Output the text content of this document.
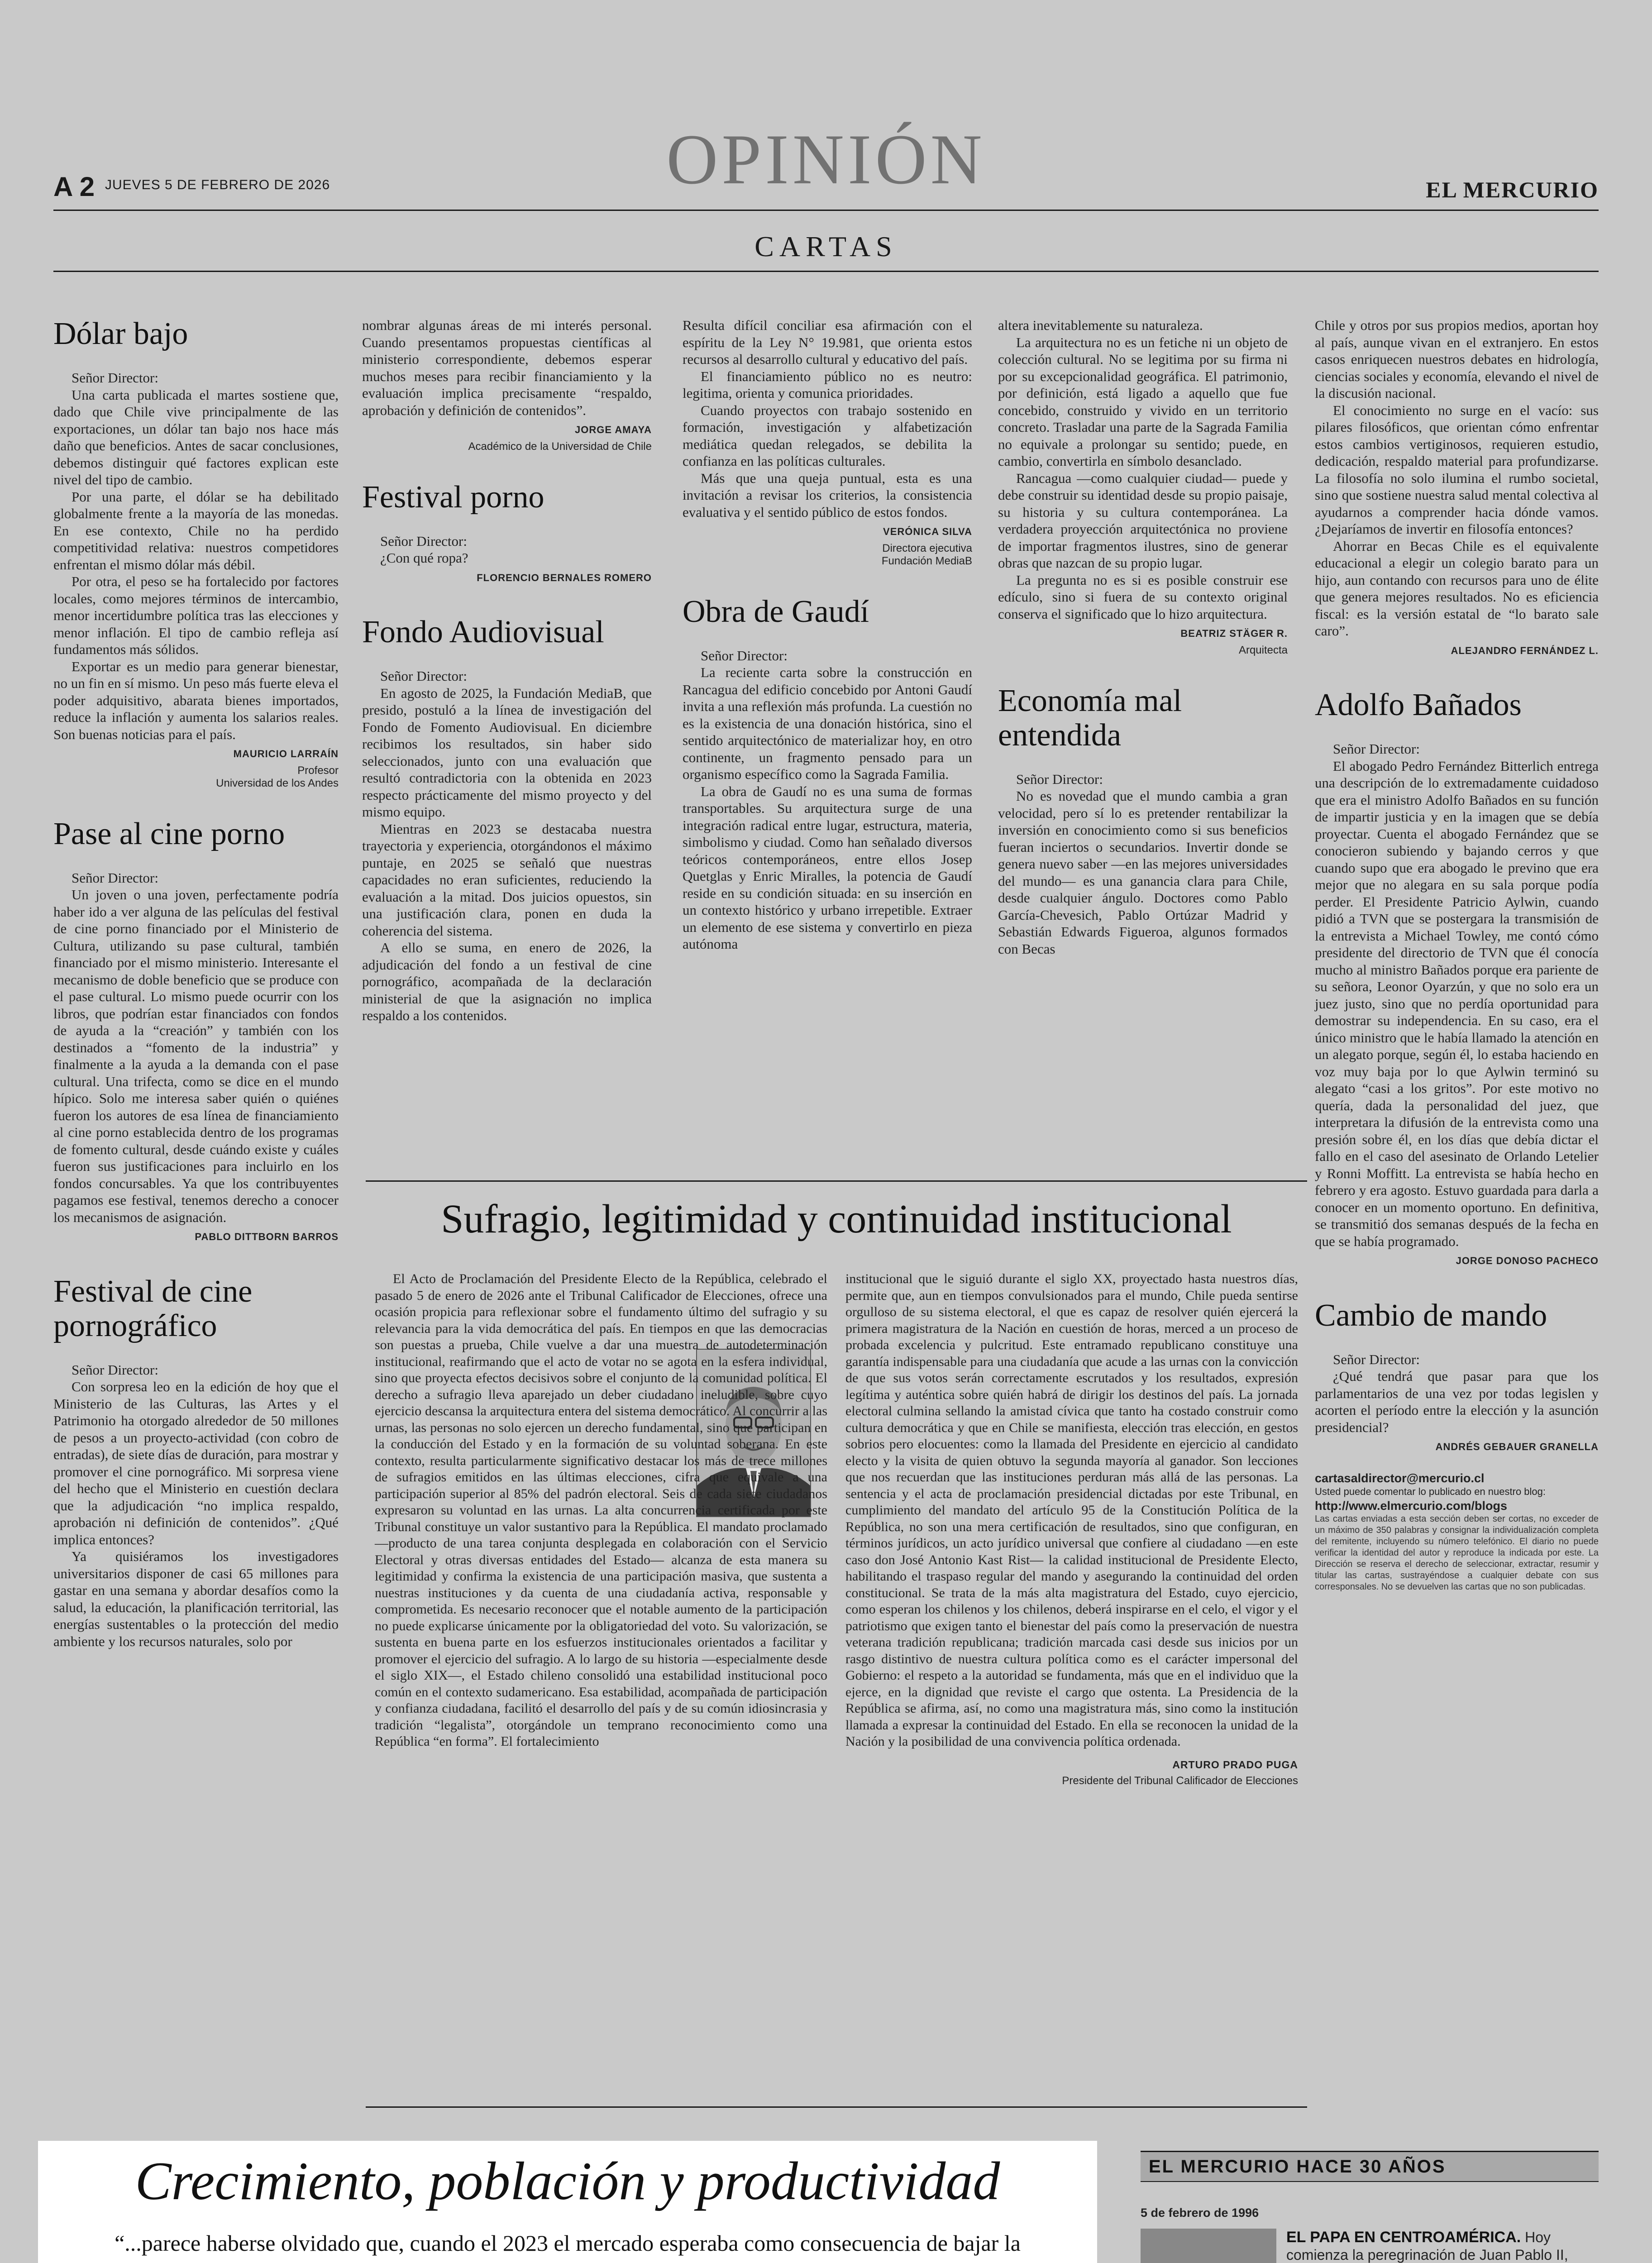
A 2 JUEVES 5 DE FEBRERO DE 2026	OPINIÓN	EL MERCURIO
CARTAS
Dólar bajo

Señor Director:

Una carta publicada el martes sostiene que, dado que Chile vive principalmente de las exportaciones, un dólar tan bajo nos hace más daño que beneficios. Antes de sacar conclusiones, debemos distinguir qué factores explican este nivel del tipo de cambio.

Por una parte, el dólar se ha debilitado globalmente frente a la mayoría de las monedas. En ese contexto, Chile no ha perdido competitividad relativa: nuestros competidores enfrentan el mismo dólar más débil.

Por otra, el peso se ha fortalecido por factores locales, como mejores términos de intercambio, menor incertidumbre política tras las elecciones y menor inflación. El tipo de cambio refleja así fundamentos más sólidos.

Exportar es un medio para generar bienestar, no un fin en sí mismo. Un peso más fuerte eleva el poder adquisitivo, abarata bienes importados, reduce la inflación y aumenta los salarios reales. Son buenas noticias para el país.

MAURICIO LARRAÍN
Profesor
Universidad de los Andes
Pase al cine porno

Señor Director:

Un joven o una joven, perfectamente podría haber ido a ver alguna de las películas del festival de cine porno financiado por el Ministerio de Cultura, utilizando su pase cultural, también financiado por el mismo ministerio. Interesante el mecanismo de doble beneficio que se produce con el pase cultural. Lo mismo puede ocurrir con los libros, que podrían estar financiados con fondos de ayuda a la “creación” y también con los destinados a “fomento de la industria” y finalmente a la ayuda a la demanda con el pase cultural. Una trifecta, como se dice en el mundo hípico. Solo me interesa saber quién o quiénes fueron los autores de esa línea de financiamiento al cine porno establecida dentro de los programas de fomento cultural, desde cuándo existe y cuáles fueron sus justificaciones para incluirlo en los fondos concursables. Ya que los contribuyentes pagamos ese festival, tenemos derecho a conocer los mecanismos de asignación.

PABLO DITTBORN BARROS
Festival de cine pornográfico

Señor Director:

Con sorpresa leo en la edición de hoy que el Ministerio de las Culturas, las Artes y el Patrimonio ha otorgado alrededor de 50 millones de pesos a un proyecto-actividad (con cobro de entradas), de siete días de duración, para mostrar y promover el cine pornográfico. Mi sorpresa viene del hecho que el Ministerio en cuestión declara que la adjudicación “no implica respaldo, aprobación ni definición de contenidos”. ¿Qué implica entonces?

Ya quisiéramos los investigadores universitarios disponer de casi 65 millones para gastar en una semana y abordar desafíos como la salud, la educación, la planificación territorial, las energías sustentables o la protección del medio ambiente y los recursos naturales, solo por

nombrar algunas áreas de mi interés personal. Cuando presentamos propuestas científicas al ministerio correspondiente, debemos esperar muchos meses para recibir financiamiento y la evaluación implica precisamente “respaldo, aprobación y definición de contenidos”.

JORGE AMAYA
Académico de la Universidad de Chile
Festival porno

Señor Director:

¿Con qué ropa?

FLORENCIO BERNALES ROMERO
Fondo Audiovisual

Señor Director:

En agosto de 2025, la Fundación MediaB, que presido, postuló a la línea de investigación del Fondo de Fomento Audiovisual. En diciembre recibimos los resultados, sin haber sido seleccionados, junto con una evaluación que resultó contradictoria con la obtenida en 2023 respecto prácticamente del mismo proyecto y del mismo equipo.

Mientras en 2023 se destacaba nuestra trayectoria y experiencia, otorgándonos el máximo puntaje, en 2025 se señaló que nuestras capacidades no eran suficientes, reduciendo la evaluación a la mitad. Dos juicios opuestos, sin una justificación clara, ponen en duda la coherencia del sistema.

A ello se suma, en enero de 2026, la adjudicación del fondo a un festival de cine pornográfico, acompañada de la declaración ministerial de que la asignación no implica respaldo a los contenidos.

Resulta difícil conciliar esa afirmación con el espíritu de la Ley N° 19.981, que orienta estos recursos al desarrollo cultural y educativo del país.

El financiamiento público no es neutro: legitima, orienta y comunica prioridades.

Cuando proyectos con trabajo sostenido en formación, investigación y alfabetización mediática quedan relegados, se debilita la confianza en las políticas culturales.

Más que una queja puntual, esta es una invitación a revisar los criterios, la consistencia evaluativa y el sentido público de estos fondos.

VERÓNICA SILVA
Directora ejecutiva
Fundación MediaB
Obra de Gaudí

Señor Director:

La reciente carta sobre la construcción en Rancagua del edificio concebido por Antoni Gaudí invita a una reflexión más profunda. La cuestión no es la existencia de una donación histórica, sino el sentido arquitectónico de materializar hoy, en otro continente, un fragmento pensado para un organismo específico como la Sagrada Familia.

La obra de Gaudí no es una suma de formas transportables. Su arquitectura surge de una integración radical entre lugar, estructura, materia, simbolismo y ciudad. Como han señalado diversos teóricos contemporáneos, entre ellos Josep Quetglas y Enric Miralles, la potencia de Gaudí reside en su condición situada: en su inserción en un contexto histórico y urbano irrepetible. Extraer un elemento de ese sistema y convertirlo en pieza autónoma

altera inevitablemente su naturaleza.

La arquitectura no es un fetiche ni un objeto de colección cultural. No se legitima por su firma ni por su excepcionalidad geográfica. El patrimonio, por definición, está ligado a aquello que fue concebido, construido y vivido en un territorio concreto. Trasladar una parte de la Sagrada Familia no equivale a prolongar su sentido; puede, en cambio, convertirla en símbolo desanclado.

Rancagua —como cualquier ciudad— puede y debe construir su identidad desde su propio paisaje, su historia y su cultura contemporánea. La verdadera proyección arquitectónica no proviene de importar fragmentos ilustres, sino de generar obras que nazcan de su propio lugar.

La pregunta no es si es posible construir ese edículo, sino si fuera de su contexto original conserva el significado que lo hizo arquitectura.

BEATRIZ STÄGER R.
Arquitecta
Economía mal entendida

Señor Director:

No es novedad que el mundo cambia a gran velocidad, pero sí lo es pretender rentabilizar la inversión en conocimiento como si sus beneficios fueran inciertos o secundarios. Invertir donde se genera nuevo saber —en las mejores universidades del mundo— es una ganancia clara para Chile, desde cualquier ángulo. Doctores como Pablo García-Chevesich, Pablo Ortúzar Madrid y Sebastián Edwards Figueroa, algunos formados con Becas

Chile y otros por sus propios medios, aportan hoy al país, aunque vivan en el extranjero. En estos casos enriquecen nuestros debates en hidrología, ciencias sociales y economía, elevando el nivel de la discusión nacional.

El conocimiento no surge en el vacío: sus pilares filosóficos, que orientan cómo enfrentar estos cambios vertiginosos, requieren estudio, dedicación, respaldo material para profundizarse. La filosofía no solo ilumina el rumbo societal, sino que sostiene nuestra salud mental colectiva al ayudarnos a comprender hacia dónde vamos. ¿Dejaríamos de invertir en filosofía entonces?

Ahorrar en Becas Chile es el equivalente educacional a elegir un colegio barato para un hijo, aun contando con recursos para uno de élite que genera mejores resultados. No es eficiencia fiscal: es la versión estatal de “lo barato sale caro”.

ALEJANDRO FERNÁNDEZ L.
Adolfo Bañados

Señor Director:

El abogado Pedro Fernández Bitterlich entrega una descripción de lo extremadamente cuidadoso que era el ministro Adolfo Bañados en su función de impartir justicia y en la imagen que se debía proyectar. Cuenta el abogado Fernández que se conocieron subiendo y bajando cerros y que cuando supo que era abogado le previno que era mejor que no alegara en su sala porque podía perder. El Presidente Patricio Aylwin, cuando pidió a TVN que se postergara la transmisión de la entrevista a Michael Towley, me contó cómo presidente del directorio de TVN que él conocía mucho al ministro Bañados porque era pariente de su señora, Leonor Oyarzún, y que no solo era un juez justo, sino que no perdía oportunidad para demostrar su independencia. En su caso, era el único ministro que le había llamado la atención en un alegato porque, según él, lo estaba haciendo en voz muy baja por lo que Aylwin terminó su alegato “casi a los gritos”. Por este motivo no quería, dada la personalidad del juez, que interpretara la difusión de la entrevista como una presión sobre él, en los días que debía dictar el fallo en el caso del asesinato de Orlando Letelier y Ronni Moffitt. La entrevista se había hecho en febrero y era agosto. Estuvo guardada para darla a conocer en un momento oportuno. En definitiva, se transmitió dos semanas después de la fecha en que se había programado.

JORGE DONOSO PACHECO
Cambio de mando

Señor Director:

¿Qué tendrá que pasar para que los parlamentarios de una vez por todas legislen y acorten el período entre la elección y la asunción presidencial?

ANDRÉS GEBAUER GRANELLA
cartasaldirector@mercurio.cl
Usted puede comentar lo publicado en nuestro blog:
http://www.elmercurio.com/blogs
Las cartas enviadas a esta sección deben ser cortas, no exceder de un máximo de 350 palabras y consignar la individualización completa del remitente, incluyendo su número telefónico. El diario no puede verificar la identidad del autor y reproduce la indicada por este. La Dirección se reserva el derecho de seleccionar, extractar, resumir y titular las cartas, sustrayéndose a cualquier debate con sus corresponsales. No se devuelven las cartas que no son publicadas.
Sufragio, legitimidad y continuidad institucional

El Acto de Proclamación del Presidente Electo de la República, celebrado el pasado 5 de enero de 2026 ante el Tribunal Calificador de Elecciones, ofrece una ocasión propicia para reflexionar sobre el fundamento último del sufragio y su relevancia para la vida democrática del país. En tiempos en que las democracias son puestas a prueba, Chile vuelve a dar una muestra de autodeterminación institucional, reafirmando que el acto de votar no se agota en la esfera individual, sino que proyecta efectos decisivos sobre el conjunto de la comunidad política. El derecho a sufragio lleva aparejado un deber ciudadano ineludible, sobre cuyo ejercicio descansa la arquitectura entera del sistema democrático. Al concurrir a las urnas, las personas no solo ejercen un derecho fundamental, sino que participan en la conducción del Estado y en la formación de su voluntad soberana. En este contexto, resulta particularmente significativo destacar los más de trece millones de sufragios emitidos en las últimas elecciones, cifra que equivale a una participación superior al 85% del padrón electoral. Seis de cada siete ciudadanos expresaron su voluntad en las urnas. La alta concurrencia certificada por este Tribunal constituye un valor sustantivo para la República. El mandato proclamado —producto de una tarea conjunta desplegada en colaboración con el Servicio Electoral y otras diversas entidades del Estado— alcanza de esta manera su legitimidad y confirma la existencia de una participación masiva, que sustenta a nuestras instituciones y da cuenta de una ciudadanía activa, responsable y comprometida. Es necesario reconocer que el notable aumento de la participación no puede explicarse únicamente por la obligatoriedad del voto. Su valorización, se sustenta en buena parte en los esfuerzos institucionales orientados a facilitar y promover el ejercicio del sufragio. A lo largo de su historia —especialmente desde el siglo XIX—, el Estado chileno consolidó una estabilidad institucional poco común en el contexto sudamericano. Esa estabilidad, acompañada de participación y confianza ciudadana, facilitó el desarrollo del país y de su común idiosincrasia y tradición “legalista”, otorgándole un temprano reconocimiento como una República “en forma”. El fortalecimiento

institucional que le siguió durante el siglo XX, proyectado hasta nuestros días, permite que, aun en tiempos convulsionados para el mundo, Chile pueda sentirse orgulloso de su sistema electoral, el que es capaz de resolver quién ejercerá la primera magistratura de la Nación en cuestión de horas, merced a un proceso de probada excelencia y pulcritud. Este entramado republicano constituye una garantía indispensable para una ciudadanía que acude a las urnas con la convicción de que sus votos serán correctamente escrutados y los resultados, expresión legítima y auténtica sobre quién habrá de dirigir los destinos del país. La jornada electoral culmina sellando la amistad cívica que tanto ha costado construir como cultura democrática y que en Chile se manifiesta, elección tras elección, en gestos sobrios pero elocuentes: como la llamada del Presidente en ejercicio al candidato electo y la visita de quien obtuvo la segunda mayoría al ganador. Son lecciones que nos recuerdan que las instituciones perduran más allá de las personas. La sentencia y el acta de proclamación presidencial dictadas por este Tribunal, en cumplimiento del mandato del artículo 95 de la Constitución Política de la República, no son una mera certificación de resultados, sino que configuran, en términos jurídicos, un acto jurídico universal que confiere al ciudadano —en este caso don José Antonio Kast Rist— la calidad institucional de Presidente Electo, habilitando el traspaso regular del mando y asegurando la continuidad del orden constitucional. Se trata de la más alta magistratura del Estado, cuyo ejercicio, como esperan los chilenos y los chilenos, deberá inspirarse en el celo, el vigor y el patriotismo que exigen tanto el bienestar del país como la preservación de nuestra veterana tradición republicana; tradición marcada casi desde sus inicios por un rasgo distintivo de nuestra cultura política como es el carácter impersonal del Gobierno: el respeto a la autoridad se fundamenta, más que en el individuo que la ejerce, en la dignidad que reviste el cargo que ostenta. La Presidencia de la República se afirma, así, no como una magistratura más, sino como la institución llamada a expresar la continuidad del Estado. En ella se reconocen la unidad de la Nación y la posibilidad de una convivencia política ordenada.

ARTURO PRADO PUGA
Presidente del Tribunal Calificador de Elecciones
Crecimiento, población y productividad
“...parece haberse olvidado que, cuando el 2023 el mercado esperaba como consecuencia de bajar la

EL MERCURIO HACE 30 AÑOS
5 de febrero de 1996
EL PAPA EN CENTROAMÉRICA. Hoy comienza la peregrinación de Juan Pablo II,
